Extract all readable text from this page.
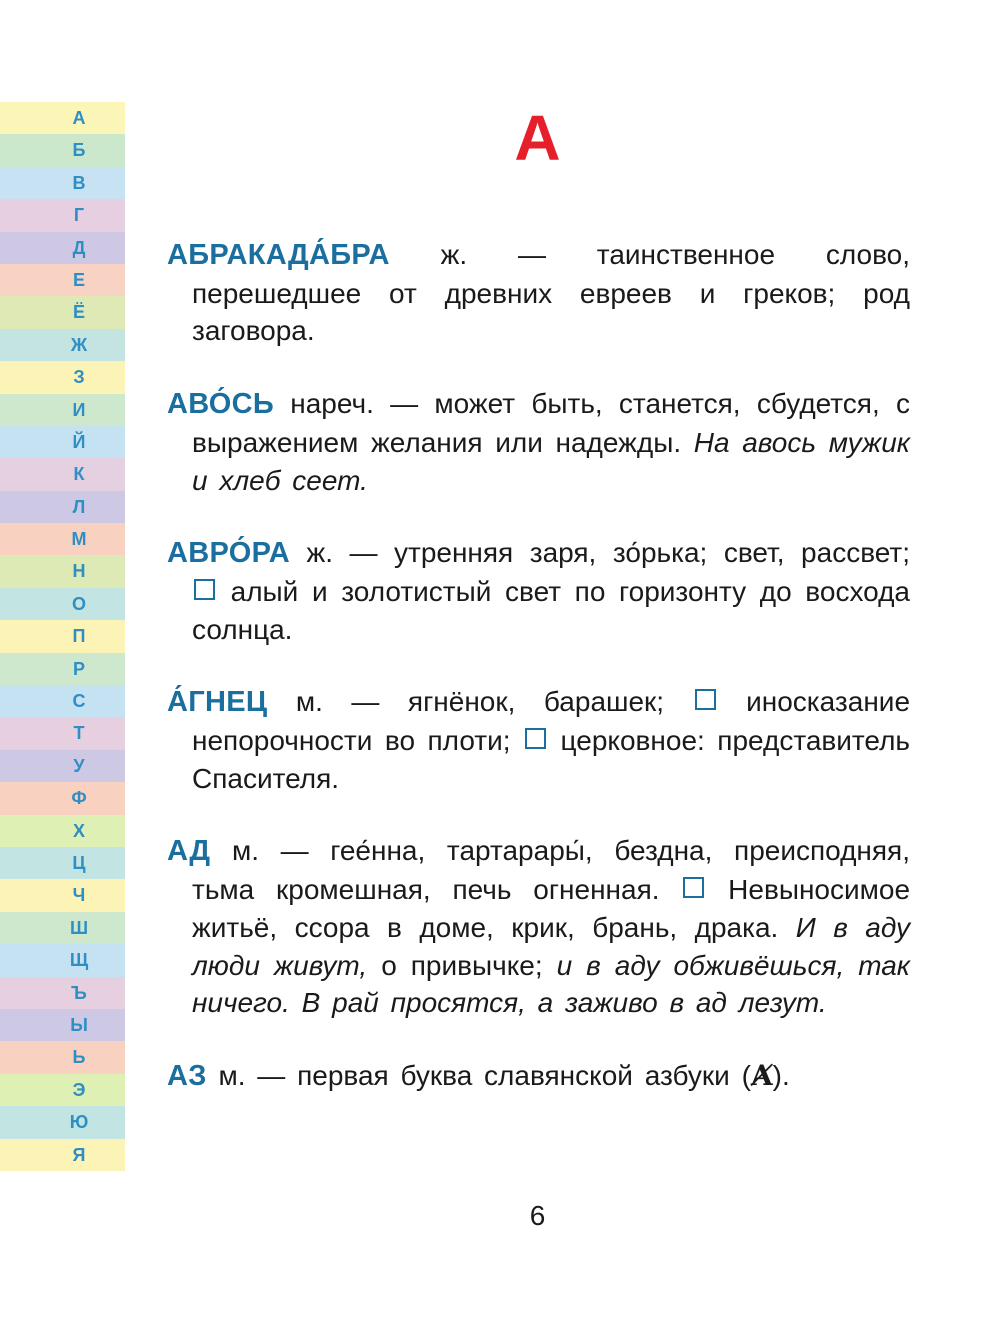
А
Б
В
Г
Д
Е
Ё
Ж
З
И
Й
К
Л
М
Н
О
П
Р
С
Т
У
Ф
Х
Ц
Ч
Ш
Щ
Ъ
Ы
Ь
Э
Ю
Я
А

АБРАКАДА́БРА ж. — таинственное слово, перешедшее от древних евреев и греков; род заговора.

АВО́СЬ нареч. — может быть, станется, сбудется, с выражением желания или надежды. На авось мужик и хлеб сеет.

АВРО́РА ж. — утренняя заря, зо́рька; свет, рассвет;  алый и золотистый свет по горизонту до восхода солнца.

А́ГНЕЦ м. — ягнёнок, барашек;	иносказание непорочности во плоти; церковное: представитель Спасителя.

АД м. — гее́нна, тартарары́, бездна, преисподняя, тьма кромешная, печь огненная. Невыносимое житьё, ссора в доме, крик, брань, драка. И в аду люди живут, о привычке; и в аду обживёшься, так ничего. В рай просятся, а заживо в ад лезут.

АЗ м. — первая буква славянской азбуки (Ⱥ).

6
